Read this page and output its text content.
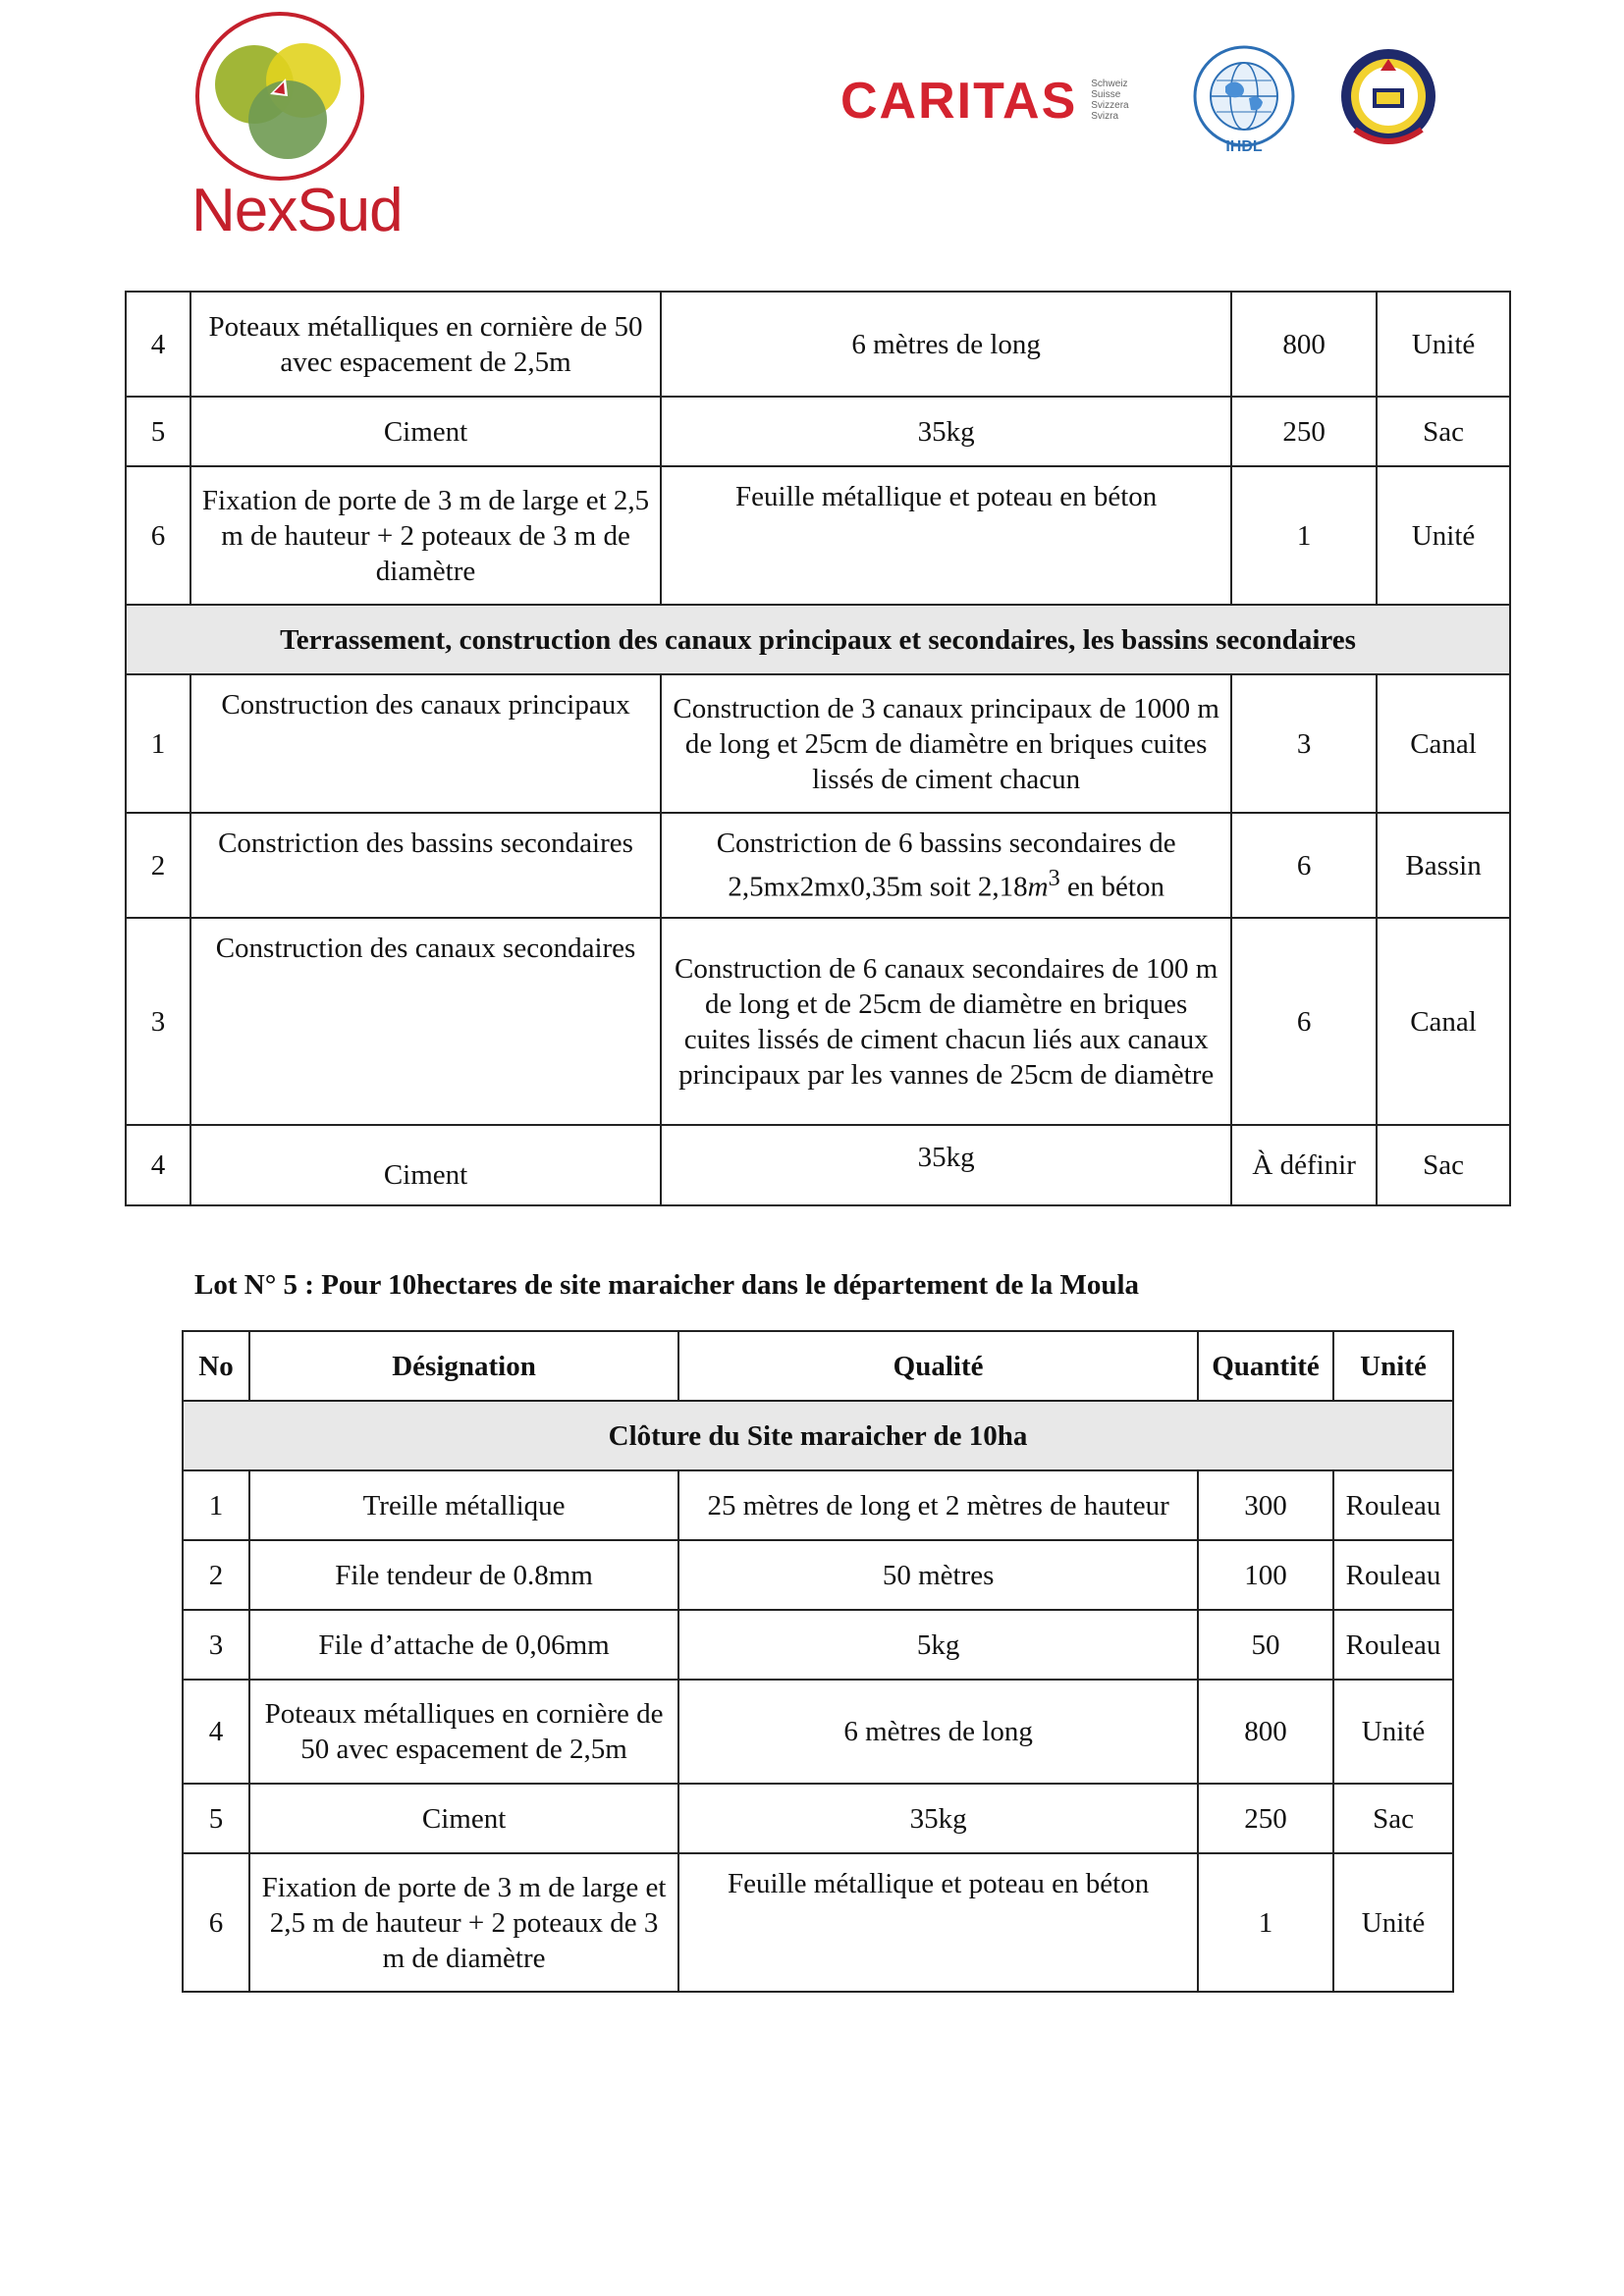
NexSud
CARITAS Schweiz
Suisse
Svizzera
Svizra
IHDL
4	Poteaux métalliques en cornière de 50 avec espacement de 2,5m	6 mètres de long	800	Unité
5	Ciment	35kg	250	Sac
6	Fixation de porte de 3 m de large et 2,5 m de hauteur + 2 poteaux de 3 m de diamètre	Feuille métallique et poteau en béton	1	Unité
Terrassement, construction des canaux principaux et secondaires, les bassins secondaires				
1	Construction des canaux principaux	Construction de 3 canaux principaux de 1000 m de long et 25cm de diamètre en briques cuites lissés de ciment chacun	3	Canal
2	Constriction des bassins secondaires	Constriction de 6 bassins secondaires de 2,5mx2mx0,35m soit $2,18m^3$ en béton	6	Bassin
3	Construction des canaux secondaires	Construction de 6 canaux secondaires de 100 m de long et de 25cm de diamètre en briques cuites lissés de ciment chacun liés aux canaux principaux par les vannes de 25cm de diamètre	6	Canal
4	Ciment	35kg	À définir	Sac
Lot N° 5 : Pour 10hectares de site maraicher dans le département de la Moula
No	Désignation	Qualité	Quantité	Unité
Clôture du Site maraicher de 10ha				
1	Treille métallique	25 mètres de long et 2 mètres de hauteur	300	Rouleau
2	File tendeur de 0.8mm	50 mètres	100	Rouleau
3	File d’attache de 0,06mm	5kg	50	Rouleau
4	Poteaux métalliques en cornière de 50 avec espacement de 2,5m	6 mètres de long	800	Unité
5	Ciment	35kg	250	Sac
6	Fixation de porte de 3 m de large et 2,5 m de hauteur + 2 poteaux de 3 m de diamètre	Feuille métallique et poteau en béton	1	Unité
